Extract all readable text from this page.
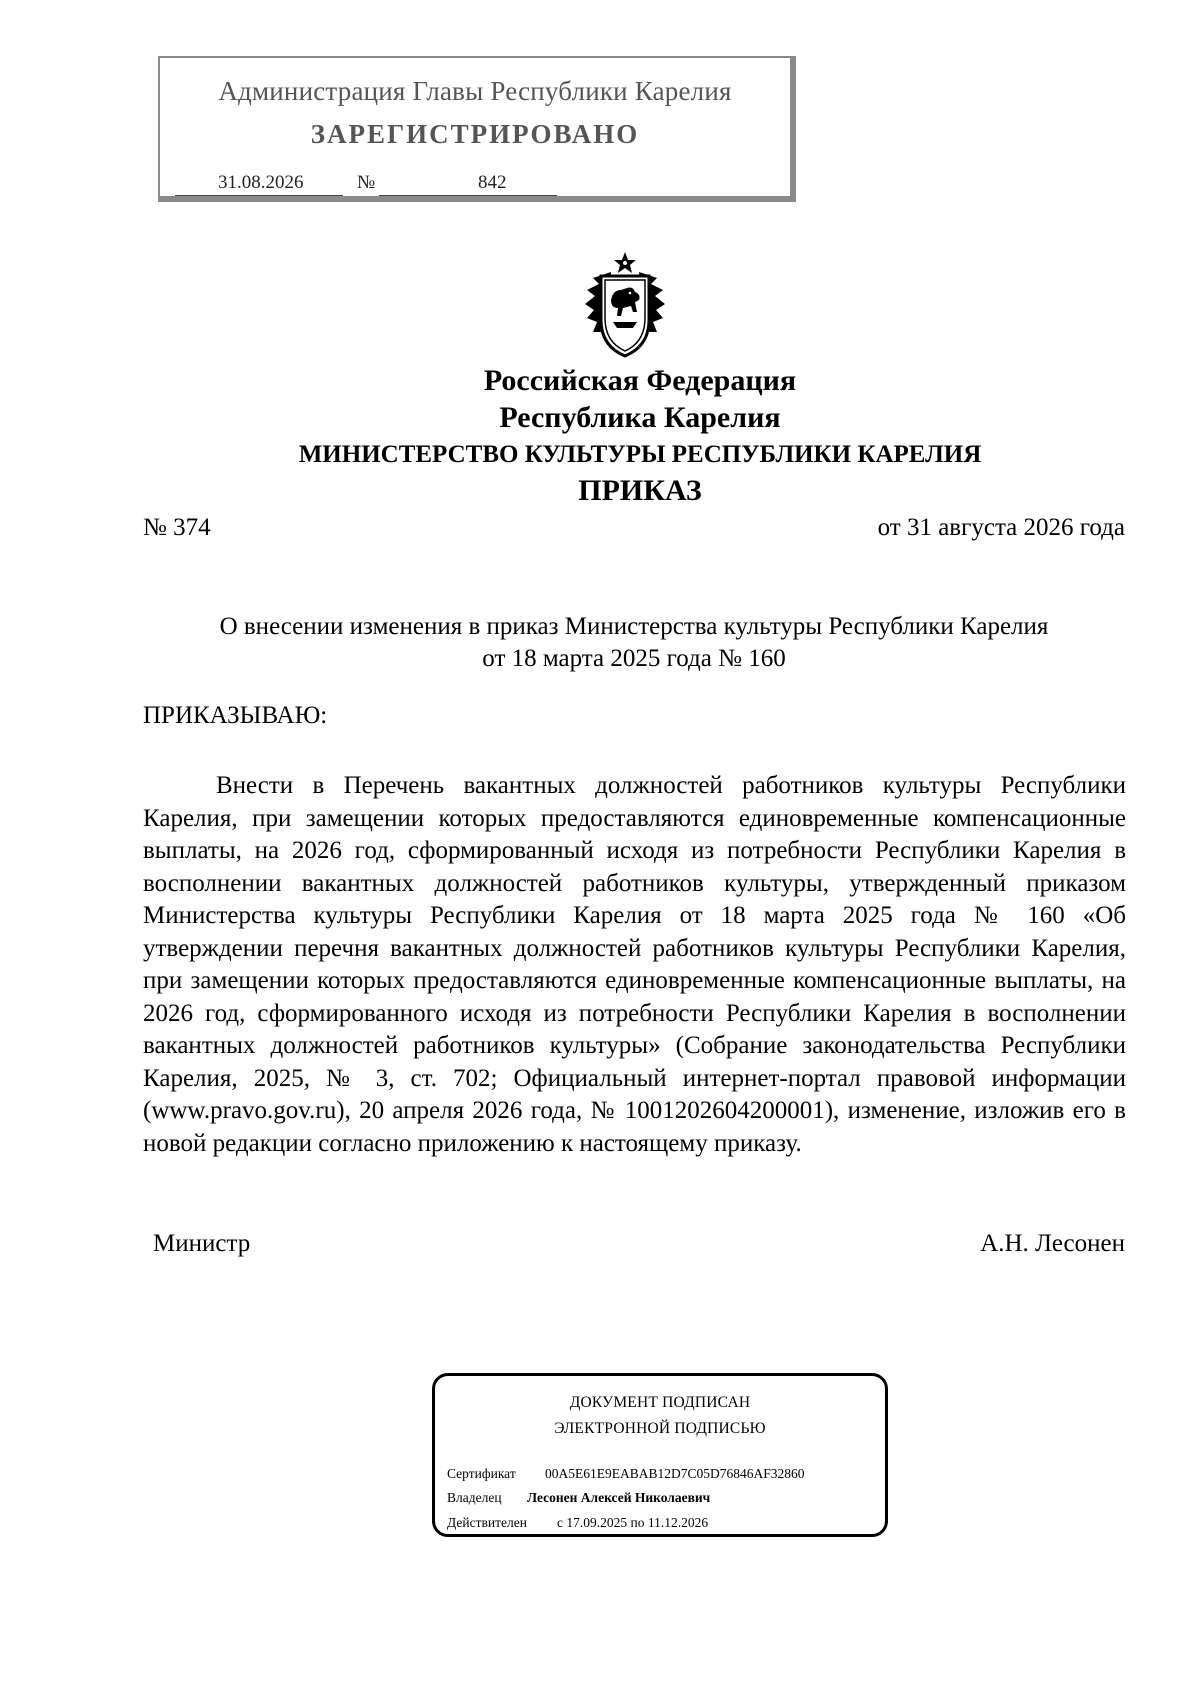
Администрация Главы Республики Карелия
ЗАРЕГИСТРИРОВАНО
31.08.2026	№	842
Российская Федерация
Республика Карелия
МИНИСТЕРСТВО КУЛЬТУРЫ РЕСПУБЛИКИ КАРЕЛИЯ
ПРИКАЗ
№ 374	от 31 августа 2026 года
О внесении изменения в приказ Министерства культуры Республики Карелия
от 18 марта 2025 года № 160
ПРИКАЗЫВАЮ:
Внести в Перечень вакантных должностей работников культуры Республики Карелия, при замещении которых предоставляются единовременные компенсационные выплаты, на 2026 год, сформированный исходя из потребности Республики Карелия в восполнении вакантных должностей работников культуры, утвержденный приказом Министерства культуры Республики Карелия от 18 марта 2025 года № 160 «Об утверждении перечня вакантных должностей работников культуры Республики Карелия, при замещении которых предоставляются единовременные компенсационные выплаты, на 2026 год, сформированного исходя из потребности Республики Карелия в восполнении вакантных должностей работников культуры» (Собрание законодательства Республики Карелия, 2025, № 3, ст. 702; Официальный интернет-портал правовой информации (www.pravo.gov.ru), 20 апреля 2026 года, № 1001202604200001), изменение, изложив его в новой редакции согласно приложению к настоящему приказу.
Министр	А.Н. Лесонен
ДОКУМЕНТ ПОДПИСАН
ЭЛЕКТРОННОЙ ПОДПИСЬЮ
Сертификат 00A5E61E9EABAB12D7C05D76846AF32860
Владелец Лесонен Алексей Николаевич
Действителен с 17.09.2025 по 11.12.2026
